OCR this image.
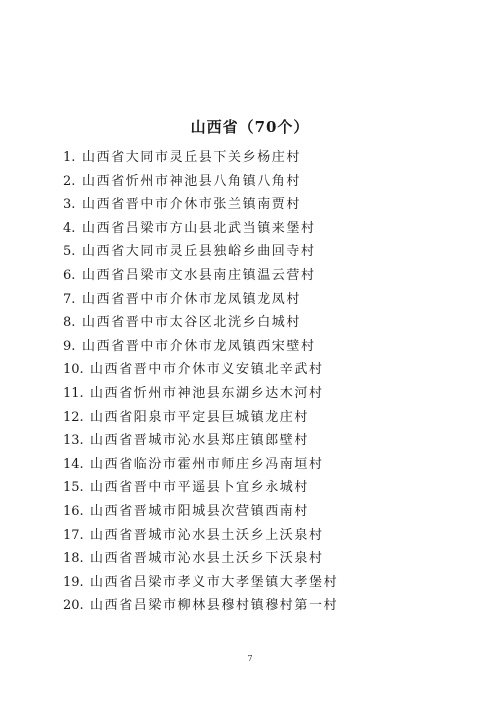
山西省（70个）
1. 山西省大同市灵丘县下关乡杨庄村
2. 山西省忻州市神池县八角镇八角村
3. 山西省晋中市介休市张兰镇南贾村
4. 山西省吕梁市方山县北武当镇来堡村
5. 山西省大同市灵丘县独峪乡曲回寺村
6. 山西省吕梁市文水县南庄镇温云营村
7. 山西省晋中市介休市龙凤镇龙凤村
8. 山西省晋中市太谷区北洸乡白城村
9. 山西省晋中市介休市龙凤镇西宋壁村
10. 山西省晋中市介休市义安镇北辛武村
11. 山西省忻州市神池县东湖乡达木河村
12. 山西省阳泉市平定县巨城镇龙庄村
13. 山西省晋城市沁水县郑庄镇郎壁村
14. 山西省临汾市霍州市师庄乡冯南垣村
15. 山西省晋中市平遥县卜宜乡永城村
16. 山西省晋城市阳城县次营镇西南村
17. 山西省晋城市沁水县土沃乡上沃泉村
18. 山西省晋城市沁水县土沃乡下沃泉村
19. 山西省吕梁市孝义市大孝堡镇大孝堡村
20. 山西省吕梁市柳林县穆村镇穆村第一村
7
